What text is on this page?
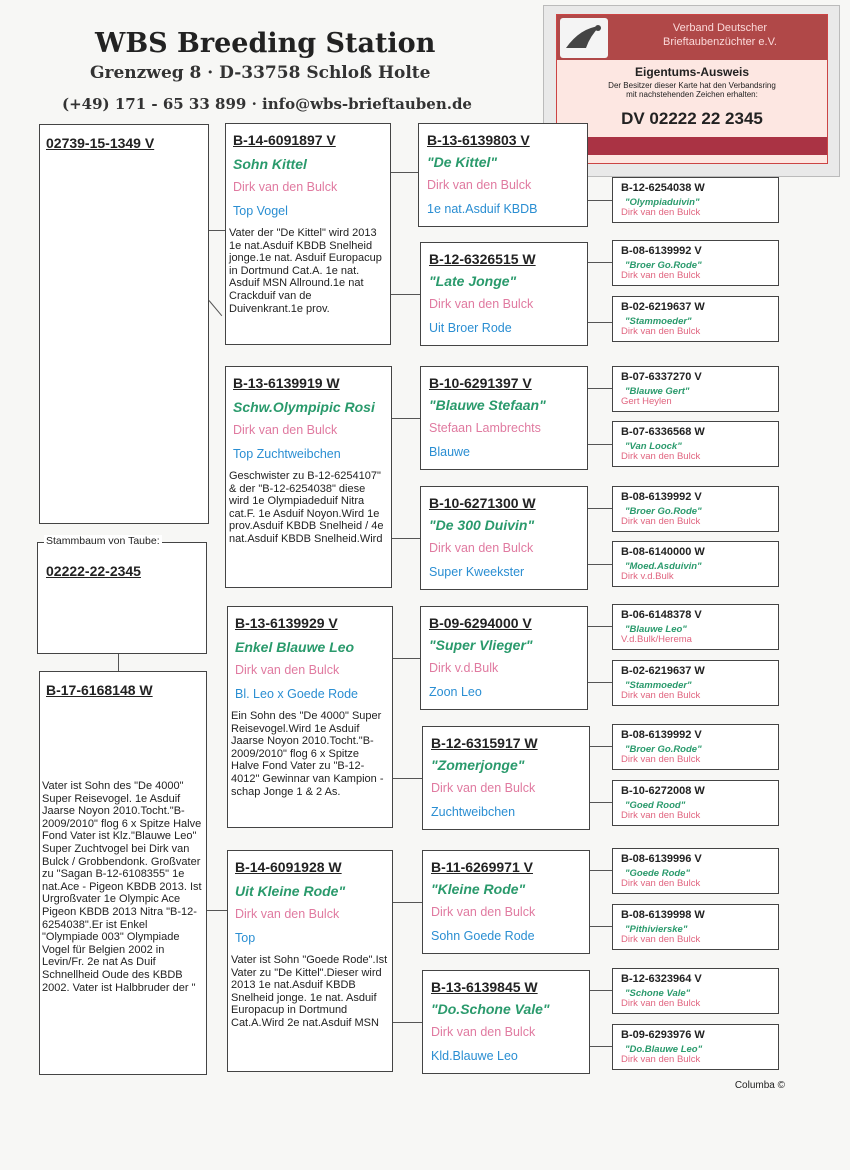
WBS Breeding Station
Grenzweg 8 · D-33758 Schloß Holte
(+49) 171 - 65 33 899 · info@wbs-brieftauben.de
Verband Deutscher
Brieftaubenzüchter e.V.
Eigentums-Ausweis
Der Besitzer dieser Karte hat den Verbandsring
mit nachstehenden Zeichen erhalten:
DV 02222 22 2345
02739-15-1349 V
Stammbaum von Taube:
02222-22-2345
B-17-6168148 W
Vater ist Sohn des "De 4000" Super Reisevogel. 1e Asduif Jaarse Noyon 2010.Tocht."B-2009/2010" flog 6 x Spitze Halve Fond Vater ist Klz."Blauwe Leo" Super Zuchtvogel bei Dirk van Bulck / Grobbendonk. Großvater zu "Sagan B-12-6108355" 1e nat.Ace - Pigeon KBDB 2013. Ist Urgroßvater 1e Olympic Ace Pigeon KBDB 2013 Nitra "B-12-6254038".Er ist Enkel "Olympiade 003" Olympiade Vogel für Belgien 2002 in Levin/Fr. 2e nat As Duif Schnellheid Oude des KBDB 2002. Vater ist Halbbruder der "
B-14-6091897 V
Sohn Kittel
Dirk van den Bulck
Top Vogel
Vater der "De Kittel" wird 2013 1e nat.Asduif KBDB Snelheid jonge.1e nat. Asduif Europacup in Dortmund Cat.A. 1e nat. Asduif MSN Allround.1e nat Crackduif van de Duivenkrant.1e prov.
B-13-6139919 W
Schw.Olympipic Rosi
Dirk van den Bulck
Top Zuchtweibchen
Geschwister zu B-12-6254107" & der "B-12-6254038" diese wird 1e Olympiadeduif Nitra cat.F. 1e Asduif Noyon.Wird 1e prov.Asduif KBDB Snelheid / 4e nat.Asduif KBDB Snelheid.Wird
B-13-6139929 V
Enkel Blauwe Leo
Dirk van den Bulck
Bl. Leo x Goede Rode
Ein Sohn des "De 4000" Super Reisevogel.Wird 1e Asduif Jaarse Noyon 2010.Tocht."B-2009/2010" flog 6 x Spitze Halve Fond Vater zu "B-12-4012" Gewinnar van Kampion - schap Jonge 1 & 2 As.
B-14-6091928 W
Uit Kleine Rode"
Dirk van den Bulck
Top
Vater ist Sohn "Goede Rode".Ist Vater zu "De Kittel".Dieser wird 2013 1e nat.Asduif KBDB Snelheid jonge. 1e nat. Asduif Europacup in Dortmund Cat.A.Wird 2e nat.Asduif MSN
B-13-6139803 V
"De Kittel"
Dirk van den Bulck
1e nat.Asduif KBDB
B-12-6326515 W
"Late Jonge"
Dirk van den Bulck
Uit Broer Rode
B-10-6291397 V
"Blauwe Stefaan"
Stefaan Lambrechts
Blauwe
B-10-6271300 W
"De 300 Duivin"
Dirk van den Bulck
Super Kweekster
B-09-6294000 V
"Super Vlieger"
Dirk v.d.Bulk
Zoon Leo
B-12-6315917 W
"Zomerjonge"
Dirk van den Bulck
Zuchtweibchen
B-11-6269971 V
"Kleine Rode"
Dirk van den Bulck
Sohn Goede Rode
B-13-6139845 W
"Do.Schone Vale"
Dirk van den Bulck
Kld.Blauwe Leo
B-12-6254038 W
"Olympiaduivin"
Dirk van den Bulck
B-08-6139992 V
"Broer Go.Rode"
Dirk van den Bulck
B-02-6219637 W
"Stammoeder"
Dirk van den Bulck
B-07-6337270 V
"Blauwe Gert"
Gert Heylen
B-07-6336568 W
"Van Loock"
Dirk van den Bulck
B-08-6139992 V
"Broer Go.Rode"
Dirk van den Bulck
B-08-6140000 W
"Moed.Asduivin"
Dirk v.d.Bulk
B-06-6148378 V
"Blauwe Leo"
V.d.Bulk/Herema
B-02-6219637 W
"Stammoeder"
Dirk van den Bulck
B-08-6139992 V
"Broer Go.Rode"
Dirk van den Bulck
B-10-6272008 W
"Goed Rood"
Dirk van den Bulck
B-08-6139996 V
"Goede Rode"
Dirk van den Bulck
B-08-6139998 W
"Pithivierske"
Dirk van den Bulck
B-12-6323964 V
"Schone Vale"
Dirk van den Bulck
B-09-6293976 W
"Do.Blauwe Leo"
Dirk van den Bulck
Columba ©
